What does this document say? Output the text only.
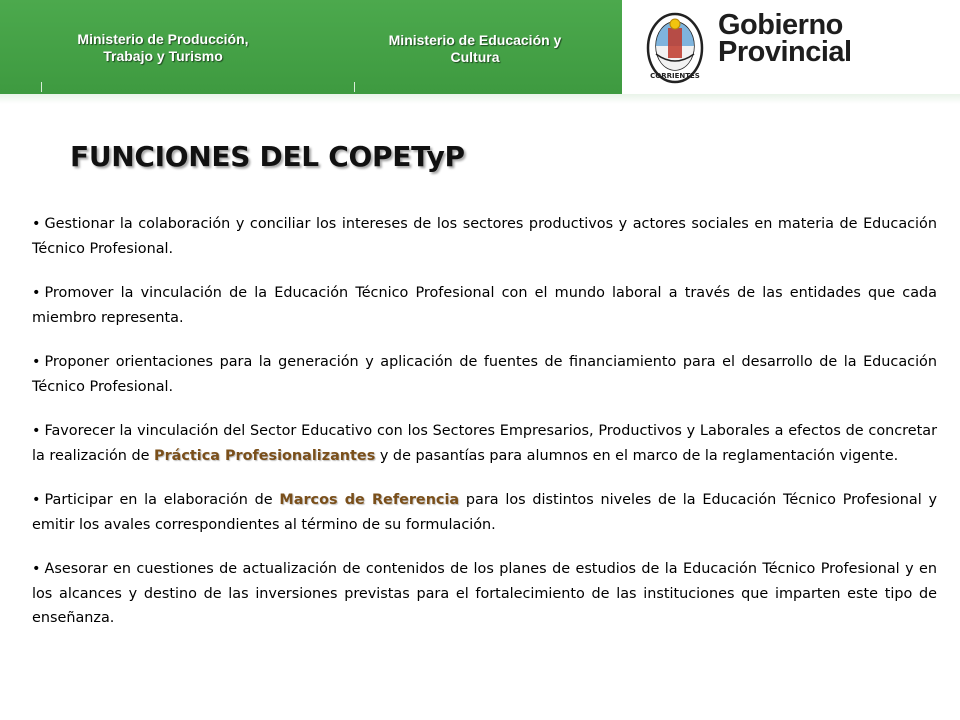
Ministerio de Producción,
Trabajo y Turismo
Ministerio de Educación y
Cultura
CORRIENTES
Gobierno
Provincial
FUNCIONES DEL COPETyP

• Gestionar la colaboración y conciliar los intereses de los sectores productivos y actores sociales en materia de Educación Técnico Profesional.

• Promover la vinculación de la Educación Técnico Profesional con el mundo laboral a través de las entidades que cada miembro representa.

• Proponer orientaciones para la generación y aplicación de fuentes de financiamiento para el desarrollo de la Educación Técnico Profesional.

• Favorecer la vinculación del Sector Educativo con los Sectores Empresarios, Productivos y Laborales a efectos de concretar la realización de Práctica Profesionalizantes y de pasantías para alumnos en el marco de la reglamentación vigente.

• Participar en la elaboración de Marcos de Referencia para los distintos niveles de la Educación Técnico Profesional y emitir los avales correspondientes al término de su formulación.

• Asesorar en cuestiones de actualización de contenidos de los planes de estudios de la Educación Técnico Profesional y en los alcances y destino de las inversiones previstas para el fortalecimiento de las instituciones que imparten este tipo de enseñanza.
